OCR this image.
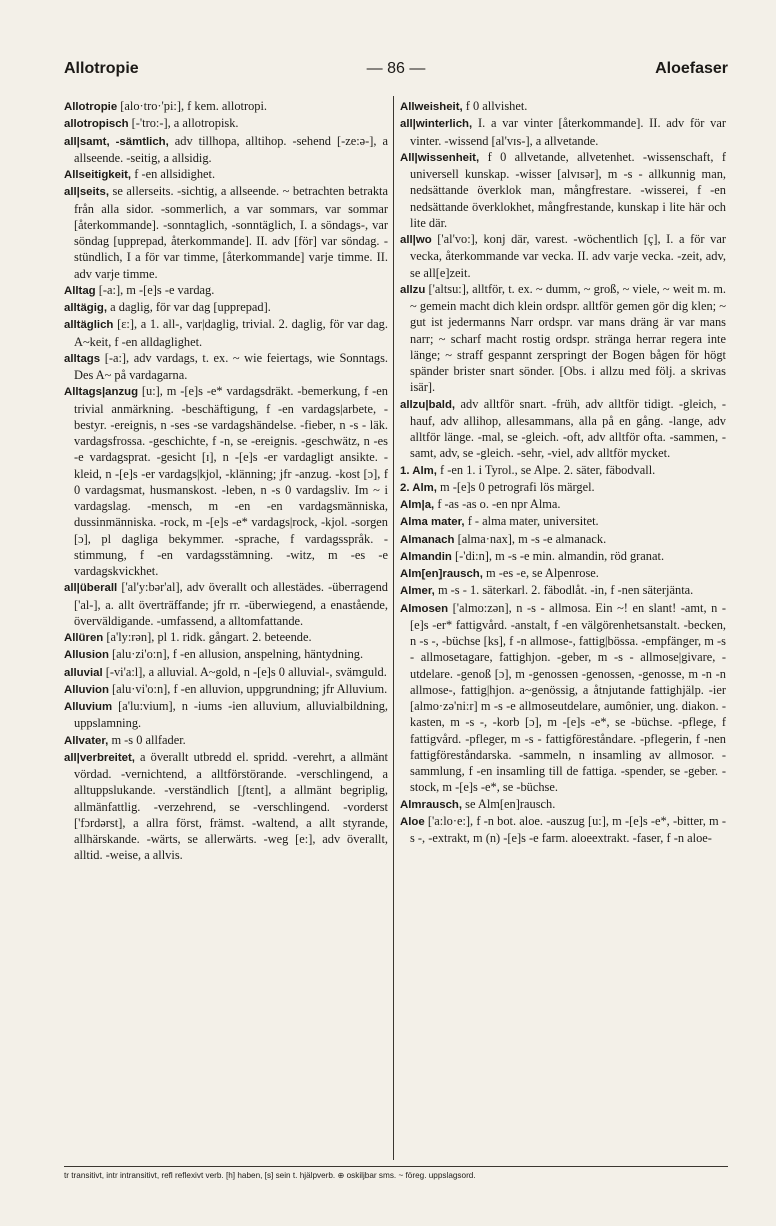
Allotropie	— 86 —	Aloefaser

Allotropie [alo·tro·'pi:], f kem. allotropi.

allotropisch [-'tro:-], a allotropisk.

all|samt, -sämtlich, adv tillhopa, alltihop. -sehend [-ze:ə-], a allseende. -seitig, a allsidig.

Allseitigkeit, f -en allsidighet.

all|seits, se allerseits. -sichtig, a allseende. ~ betrachten betrakta från alla sidor. -sommerlich, a var sommars, var sommar [återkommande]. -sonntaglich, -sonntäglich, I. a söndags-, var söndag [upprepad, återkommande]. II. adv [för] var söndag. -stündlich, I a för var timme, [återkommande] varje timme. II. adv varje timme.

Alltag [-a:], m -[e]s -e vardag.

alltägig, a daglig, för var dag [upprepad].

alltäglich [ɛ:], a 1. all-, var|daglig, trivial. 2. daglig, för var dag. A~keit, f -en alldaglighet.

alltags [-a:], adv vardags, t. ex. ~ wie feiertags, wie Sonntags. Des A~ på vardagarna.

Alltags|anzug [u:], m -[e]s -e* vardagsdräkt. -bemerkung, f -en trivial anmärkning. -beschäftigung, f -en vardags|arbete, -bestyr. -ereignis, n -ses -se vardagshändelse. -fieber, n -s - läk. vardagsfrossa. -geschichte, f -n, se -ereignis. -geschwätz, n -es -e vardagsprat. -gesicht [ɪ], n -[e]s -er vardagligt ansikte. -kleid, n -[e]s -er vardags|kjol, -klänning; jfr -anzug. -kost [ɔ], f 0 vardagsmat, husmanskost. -leben, n -s 0 vardagsliv. Im ~ i vardagslag. -mensch, m -en -en vardagsmänniska, dussinmänniska. -rock, m -[e]s -e* vardags|rock, -kjol. -sorgen [ɔ], pl dagliga bekymmer. -sprache, f vardagsspråk. -stimmung, f -en vardagsstämning. -witz, m -es -e vardagskvickhet.

all|überall ['al'y:bər'al], adv överallt och allestädes. -überragend ['al-], a. allt överträffande; jfr rr. -überwiegend, a enastående, överväldigande. -umfassend, a alltomfattande.

Allüren [a'ly:rən], pl 1. ridk. gångart. 2. beteende.

Allusion [alu·zi'o:n], f -en allusion, anspelning, häntydning.

alluvial [-vi'a:l], a alluvial. A~gold, n -[e]s 0 alluvial-, svämguld.

Alluvion [alu·vi'o:n], f -en alluvion, uppgrundning; jfr Alluvium.

Alluvium [a'lu:vium], n -iums -ien alluvium, alluvialbildning, uppslamning.

Allvater, m -s 0 allfader.

all|verbreitet, a överallt utbredd el. spridd. -verehrt, a allmänt vördad. -vernichtend, a alltförstörande. -verschlingend, a alltuppslukande. -verständlich [ʃtɛnt], a allmänt begriplig, allmänfattlig. -verzehrend, se -verschlingend. -vorderst ['fɔrdərst], a allra först, främst. -waltend, a allt styrande, allhärskande. -wärts, se allerwärts. -weg [e:], adv överallt, alltid. -weise, a allvis.

Allweisheit, f 0 allvishet.

all|winterlich, I. a var vinter [återkommande]. II. adv för var vinter. -wissend [al'vɪs-], a allvetande.

All|wissenheit, f 0 allvetande, allvetenhet. -wissenschaft, f universell kunskap. -wisser [alvɪsər], m -s - allkunnig man, nedsättande överklok man, mångfrestare. -wisserei, f -en nedsättande överklokhet, mångfrestande, kunskap i lite här och lite där.

all|wo ['al'vo:], konj där, varest. -wöchentlich [ç], I. a för var vecka, återkommande var vecka. II. adv varje vecka. -zeit, adv, se all[e]zeit.

allzu ['altsu:], alltför, t. ex. ~ dumm, ~ groß, ~ viele, ~ weit m. m. ~ gemein macht dich klein ordspr. alltför gemen gör dig klen; ~ gut ist jedermanns Narr ordspr. var mans dräng är var mans narr; ~ scharf macht rostig ordspr. stränga herrar regera inte länge; ~ straff gespannt zerspringt der Bogen bågen för högt spänder brister snart sönder. [Obs. i allzu med följ. a skrivas isär].

allzu|bald, adv alltför snart. -früh, adv alltför tidigt. -gleich, -hauf, adv allihop, allesammans, alla på en gång. -lange, adv alltför länge. -mal, se -gleich. -oft, adv alltför ofta. -sammen, -samt, adv, se -gleich. -sehr, -viel, adv alltför mycket.

1. Alm, f -en 1. i Tyrol., se Alpe. 2. säter, fäbodvall.

2. Alm, m -[e]s 0 petrografi lös märgel.

Alm|a, f -as -as o. -en npr Alma.

Alma mater, f - alma mater, universitet.

Almanach [alma·nax], m -s -e almanack.

Almandin [-'di:n], m -s -e min. almandin, röd granat.

Alm[en]rausch, m -es -e, se Alpenrose.

Almer, m -s - 1. säterkarl. 2. fäbodlåt. -in, f -nen säterjänta.

Almosen ['almo:zən], n -s - allmosa. Ein ~! en slant! -amt, n -[e]s -er* fattigvård. -anstalt, f -en välgörenhetsanstalt. -becken, n -s -, -büchse [ks], f -n allmose-, fattig|bössa. -empfänger, m -s - allmosetagare, fattighjon. -geber, m -s - allmose|givare, -utdelare. -genoß [ɔ], m -genossen -genossen, -genosse, m -n -n allmose-, fattig|hjon. a~genössig, a åtnjutande fattighjälp. -ier [almo·zə'ni:r] m -s -e allmoseutdelare, aumônier, ung. diakon. -kasten, m -s -, -korb [ɔ], m -[e]s -e*, se -büchse. -pflege, f fattigvård. -pfleger, m -s - fattigföreståndare. -pflegerin, f -nen fattigföreståndarska. -sammeln, n insamling av allmosor. -sammlung, f -en insamling till de fattiga. -spender, se -geber. -stock, m -[e]s -e*, se -büchse.

Almrausch, se Alm[en]rausch.

Aloe ['a:lo·e:], f -n bot. aloe. -auszug [u:], m -[e]s -e*, -bitter, m -s -, -extrakt, m (n) -[e]s -e farm. aloeextrakt. -faser, f -n aloe-

tr transitivt, intr intransitivt, refl reflexivt verb. [h] haben, [s] sein t. hjälpverb. ⊕ oskiljbar sms. ~ föreg. uppslagsord.
